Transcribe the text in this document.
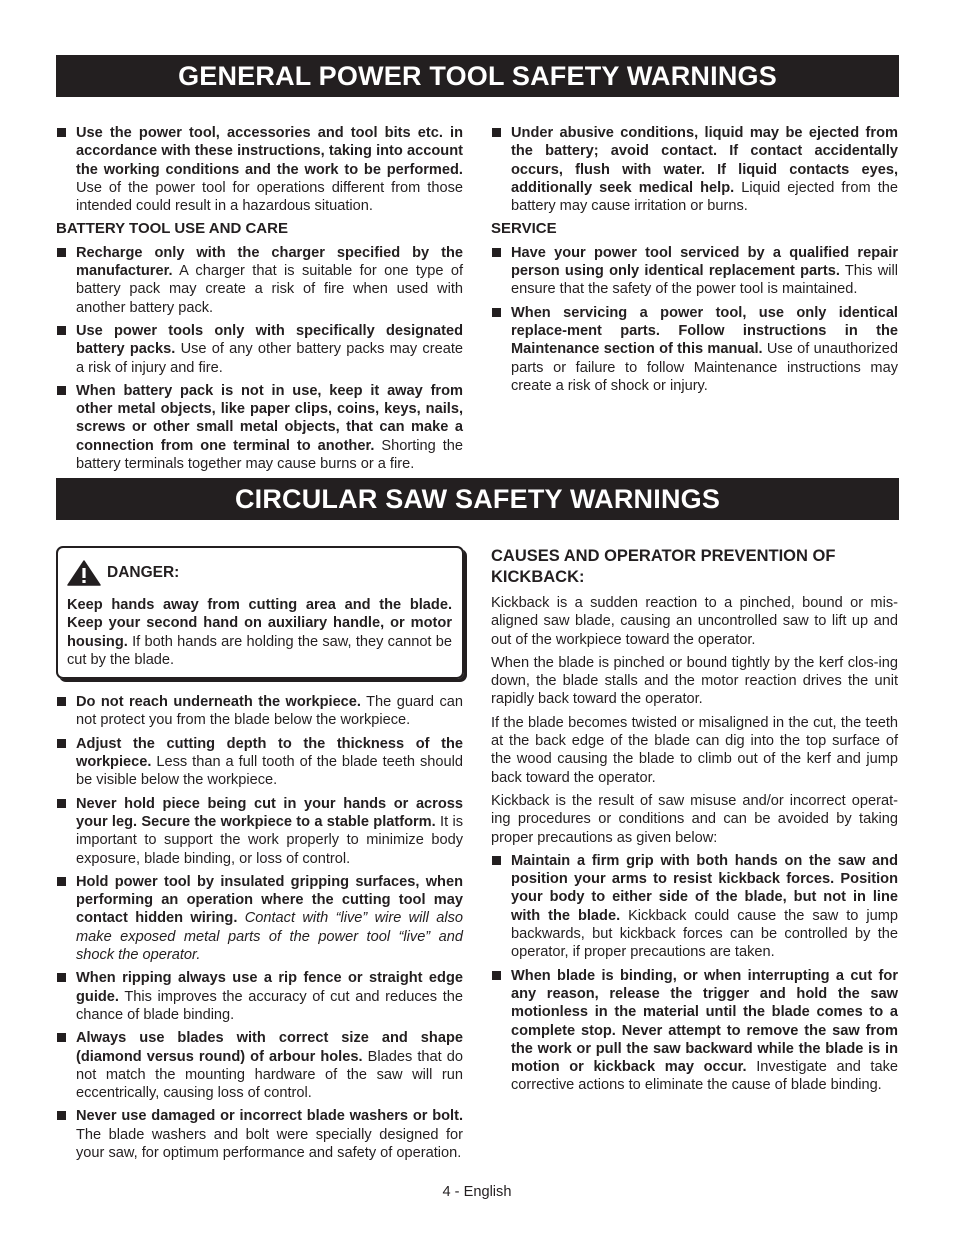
GENERAL POWER TOOL SAFETY WARNINGS
Use the power tool, accessories and tool bits etc. in accordance with these instructions, taking into account the working conditions and the work to be performed. Use of the power tool for operations different from those intended could result in a hazardous situation.
BATTERY TOOL USE AND CARE
Recharge only with the charger specified by the manufacturer. A charger that is suitable for one type of battery pack may create a risk of fire when used with another battery pack.
Use power tools only with specifically designated battery packs. Use of any other battery packs may create a risk of injury and fire.
When battery pack is not in use, keep it away from other metal objects, like paper clips, coins, keys, nails, screws or other small metal objects, that can make a connection from one terminal to another. Shorting the battery terminals together may cause burns or a fire.
Under abusive conditions, liquid may be ejected from the battery; avoid contact. If contact accidentally occurs, flush with water. If liquid contacts eyes, additionally seek medical help. Liquid ejected from the battery may cause irritation or burns.
SERVICE
Have your power tool serviced by a qualified repair person using only identical replacement parts. This will ensure that the safety of the power tool is maintained.
When servicing a power tool, use only identical replace-ment parts. Follow instructions in the Maintenance section of this manual. Use of unauthorized parts or failure to follow Maintenance instructions may create a risk of shock or injury.
CIRCULAR SAW SAFETY WARNINGS
DANGER:
Keep hands away from cutting area and the blade. Keep your second hand on auxiliary handle, or motor housing. If both hands are holding the saw, they cannot be cut by the blade.
Do not reach underneath the workpiece. The guard can not protect you from the blade below the workpiece.
Adjust the cutting depth to the thickness of the workpiece. Less than a full tooth of the blade teeth should be visible below the workpiece.
Never hold piece being cut in your hands or across your leg. Secure the workpiece to a stable platform. It is important to support the work properly to minimize body exposure, blade binding, or loss of control.
Hold power tool by insulated gripping surfaces, when performing an operation where the cutting tool may contact hidden wiring. Contact with “live” wire will also make exposed metal parts of the power tool “live” and shock the operator.
When ripping always use a rip fence or straight edge guide. This improves the accuracy of cut and reduces the chance of blade binding.
Always use blades with correct size and shape (diamond versus round) of arbour holes. Blades that do not match the mounting hardware of the saw will run eccentrically, causing loss of control.
Never use damaged or incorrect blade washers or bolt. The blade washers and bolt were specially designed for your saw, for optimum performance and safety of operation.
CAUSES AND OPERATOR PREVENTION OF KICKBACK:
Kickback is a sudden reaction to a pinched, bound or mis-aligned saw blade, causing an uncontrolled saw to lift up and out of the workpiece toward the operator.
When the blade is pinched or bound tightly by the kerf clos-ing down, the blade stalls and the motor reaction drives the unit rapidly back toward the operator.
If the blade becomes twisted or misaligned in the cut, the teeth at the back edge of the blade can dig into the top surface of the wood causing the blade to climb out of the kerf and jump back toward the operator.
Kickback is the result of saw misuse and/or incorrect operat-ing procedures or conditions and can be avoided by taking proper precautions as given below:
Maintain a firm grip with both hands on the saw and position your arms to resist kickback forces. Position your body to either side of the blade, but not in line with the blade. Kickback could cause the saw to jump backwards, but kickback forces can be controlled by the operator, if proper precautions are taken.
When blade is binding, or when interrupting a cut for any reason, release the trigger and hold the saw motionless in the material until the blade comes to a complete stop. Never attempt to remove the saw from the work or pull the saw backward while the blade is in motion or kickback may occur. Investigate and take corrective actions to eliminate the cause of blade binding.
4 - English
